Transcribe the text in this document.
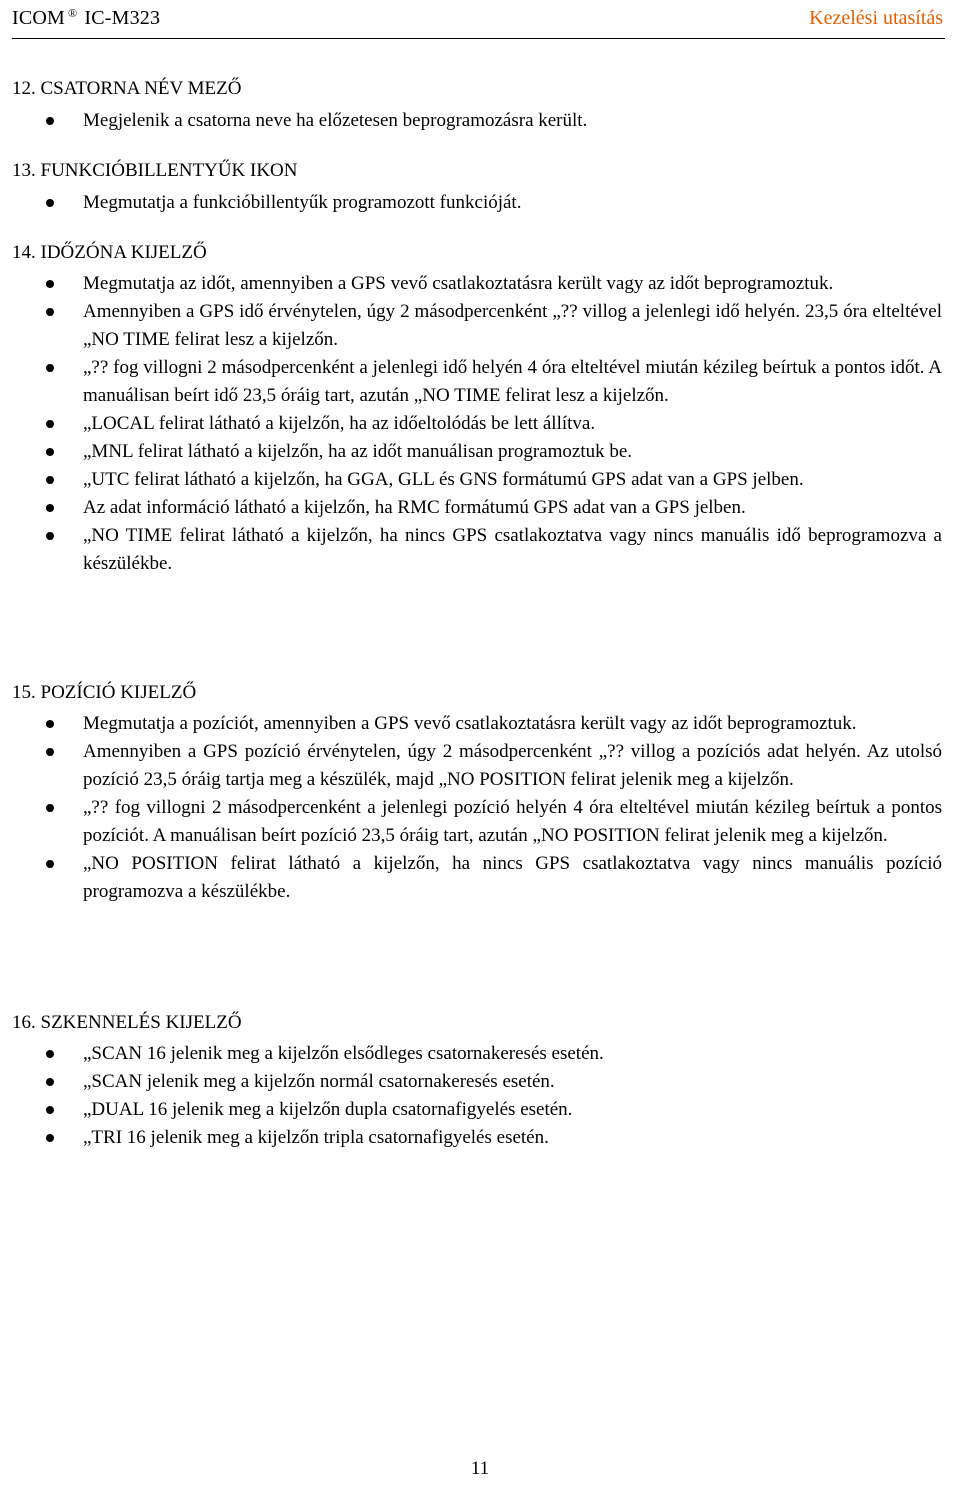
ICOM ® IC-M323	Kezelési utasítás
12. CSATORNA NÉV MEZŐ
Megjelenik a csatorna neve ha előzetesen beprogramozásra került.
13. FUNKCIÓBILLENTYŰK IKON
Megmutatja a funkcióbillentyűk programozott funkcióját.
14. IDŐZÓNA KIJELZŐ
Megmutatja az időt, amennyiben a GPS vevő csatlakoztatásra került vagy az időt beprogramoztuk.
Amennyiben a GPS idő érvénytelen, úgy 2 másodpercenként „?? villog a jelenlegi idő helyén. 23,5 óra elteltével „NO TIME felirat lesz a kijelzőn.
„?? fog villogni 2 másodpercenként a jelenlegi idő helyén 4 óra elteltével miután kézileg beírtuk a pontos időt. A manuálisan beírt idő 23,5 óráig tart, azután „NO TIME felirat lesz a kijelzőn.
„LOCAL felirat látható a kijelzőn, ha az időeltolódás be lett állítva.
„MNL felirat látható a kijelzőn, ha az időt manuálisan programoztuk be.
„UTC felirat látható a kijelzőn, ha GGA, GLL és GNS formátumú GPS adat van a GPS jelben.
Az adat információ látható a kijelzőn, ha RMC formátumú GPS adat van a GPS jelben.
„NO TIME felirat látható a kijelzőn, ha nincs GPS csatlakoztatva vagy nincs manuális idő beprogramozva a készülékbe.
15. POZÍCIÓ KIJELZŐ
Megmutatja a pozíciót, amennyiben a GPS vevő csatlakoztatásra került vagy az időt beprogramoztuk.
Amennyiben a GPS pozíció érvénytelen, úgy 2 másodpercenként „?? villog a pozíciós adat helyén. Az utolsó pozíció 23,5 óráig tartja meg a készülék, majd „NO POSITION felirat jelenik meg a kijelzőn.
„?? fog villogni 2 másodpercenként a jelenlegi pozíció helyén 4 óra elteltével miután kézileg beírtuk a pontos pozíciót. A manuálisan beírt pozíció 23,5 óráig tart, azután „NO POSITION felirat jelenik meg a kijelzőn.
„NO POSITION felirat látható a kijelzőn, ha nincs GPS csatlakoztatva vagy nincs manuális pozíció programozva a készülékbe.
16. SZKENNELÉS KIJELZŐ
„SCAN 16 jelenik meg a kijelzőn elsődleges csatornakeresés esetén.
„SCAN jelenik meg a kijelzőn normál csatornakeresés esetén.
„DUAL 16 jelenik meg a kijelzőn dupla csatornafigyelés esetén.
„TRI 16 jelenik meg a kijelzőn tripla csatornafigyelés esetén.
11
